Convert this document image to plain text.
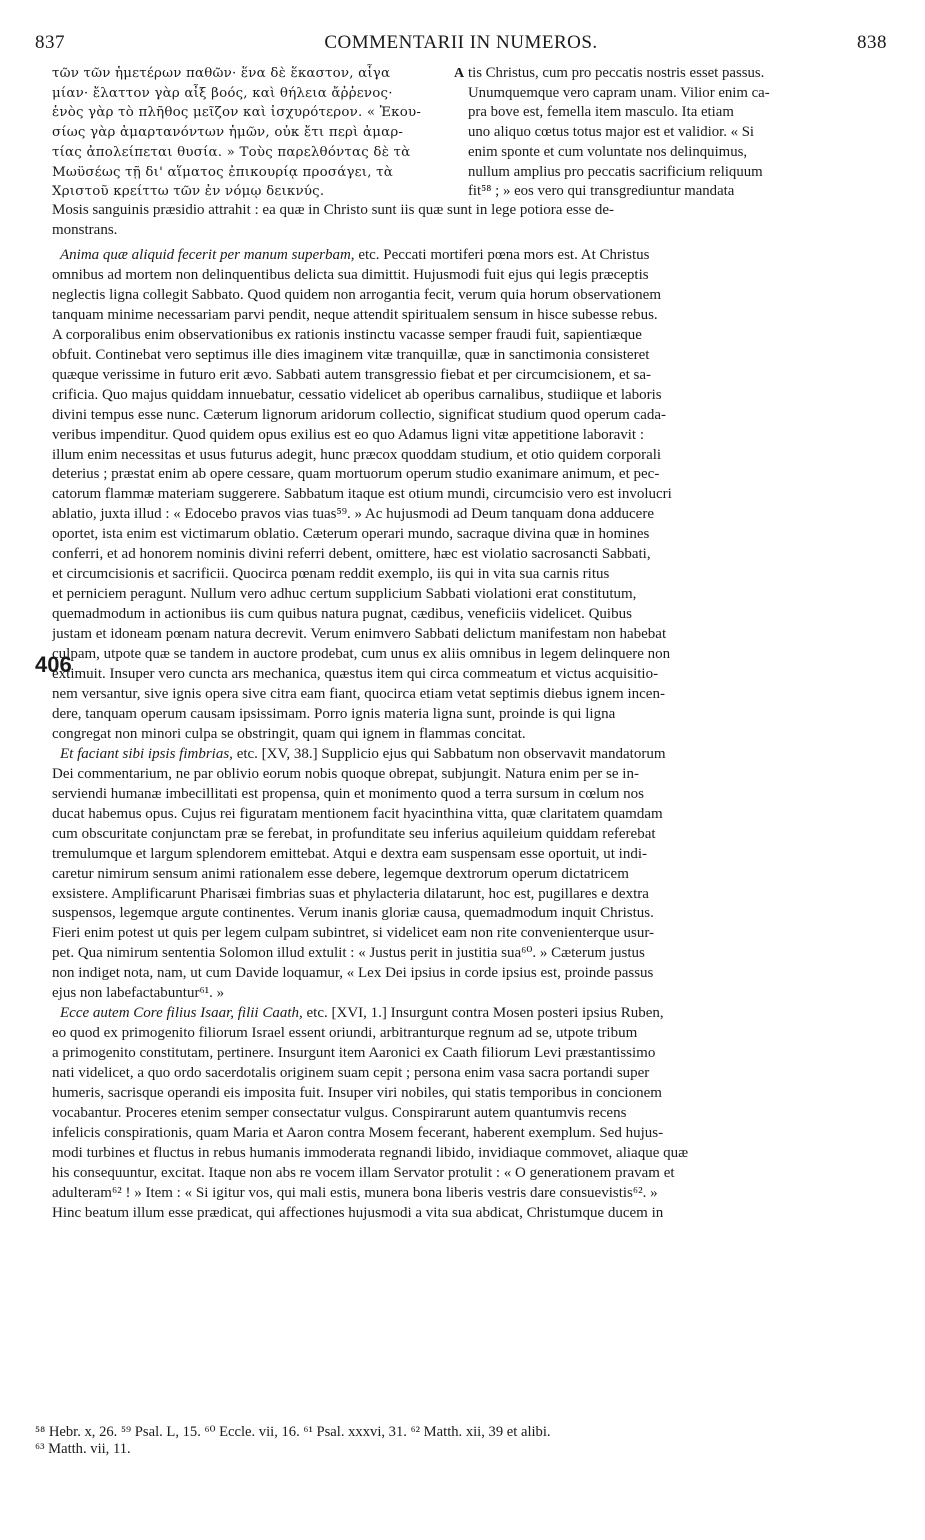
837	COMMENTARII IN NUMEROS.	838

τῶν τῶν ἡμετέρων παθῶν· ἕνα δὲ ἕκαστον, αἶγα

μίαν· ἔλαττον γὰρ αἶξ βοός, καὶ θήλεια ἄῤῥενος·

ἑνὸς γὰρ τὸ πλῆθος μεῖζον καὶ ἰσχυρότερον. « Ἑκου-

σίως γὰρ ἁμαρτανόντων ἡμῶν, οὐκ ἔτι περὶ ἁμαρ-

τίας ἀπολείπεται θυσία. » Τοὺς παρελθόντας δὲ τὰ

Μωϋσέως τῇ δι' αἵματος ἐπικουρίᾳ προσάγει, τὰ

Χριστοῦ κρείττω τῶν ἐν νόμῳ δεικνύς.

A tis Christus, cum pro peccatis nostris esset passus.

Unumquemque vero capram unam. Vilior enim ca-

pra bove est, femella item masculo. Ita etiam

uno aliquo cœtus totus major est et validior. « Si

enim sponte et cum voluntate nos delinquimus,

nullum amplius pro peccatis sacrificium reliquum

fit⁵⁸ ; » eos vero qui transgrediuntur mandata

Mosis sanguinis præsidio attrahit : ea quæ in Christo sunt iis quæ sunt in lege potiora esse de-

monstrans.

406

Anima quæ aliquid fecerit per manum superbam, etc. Peccati mortiferi pœna mors est. At Christus

omnibus ad mortem non delinquentibus delicta sua dimittit. Hujusmodi fuit ejus qui legis præceptis

neglectis ligna collegit Sabbato. Quod quidem non arrogantia fecit, verum quia horum observationem

tanquam minime necessariam parvi pendit, neque attendit spiritualem sensum in hisce subesse rebus.

A corporalibus enim observationibus ex rationis instinctu vacasse semper fraudi fuit, sapientiæque

obfuit. Continebat vero septimus ille dies imaginem vitæ tranquillæ, quæ in sanctimonia consisteret

quæque verissime in futuro erit ævo. Sabbati autem transgressio fiebat et per circumcisionem, et sa-

crificia. Quo majus quiddam innuebatur, cessatio videlicet ab operibus carnalibus, studiique et laboris

divini tempus esse nunc. Cæterum lignorum aridorum collectio, significat studium quod operum cada-

veribus impenditur. Quod quidem opus exilius est eo quo Adamus ligni vitæ appetitione laboravit :

illum enim necessitas et usus futurus adegit, hunc præcox quoddam studium, et otio quidem corporali

deterius ; præstat enim ab opere cessare, quam mortuorum operum studio exanimare animum, et pec-

catorum flammæ materiam suggerere. Sabbatum itaque est otium mundi, circumcisio vero est involucri

ablatio, juxta illud : « Edocebo pravos vias tuas⁵⁹. » Ac hujusmodi ad Deum tanquam dona adducere

oportet, ista enim est victimarum oblatio. Cæterum operari mundo, sacraque divina quæ in homines

conferri, et ad honorem nominis divini referri debent, omittere, hæc est violatio sacrosancti Sabbati,

et circumcisionis et sacrificii. Quocirca pœnam reddit exemplo, iis qui in vita sua carnis ritus

et perniciem peragunt. Nullum vero adhuc certum supplicium Sabbati violationi erat constitutum,

quemadmodum in actionibus iis cum quibus natura pugnat, cædibus, veneficiis videlicet. Quibus

justam et idoneam pœnam natura decrevit. Verum enimvero Sabbati delictum manifestam non habebat

culpam, utpote quæ se tandem in auctore prodebat, cum unus ex aliis omnibus in legem delinquere non

extimuit. Insuper vero cuncta ars mechanica, quæstus item qui circa commeatum et victus acquisitio-

nem versantur, sive ignis opera sive citra eam fiant, quocirca etiam vetat septimis diebus ignem incen-

dere, tanquam operum causam ipsissimam. Porro ignis materia ligna sunt, proinde is qui ligna

congregat non minori culpa se obstringit, quam qui ignem in flammas concitat.

Et faciant sibi ipsis fimbrias, etc. [XV, 38.] Supplicio ejus qui Sabbatum non observavit mandatorum

Dei commentarium, ne par oblivio eorum nobis quoque obrepat, subjungit. Natura enim per se in-

serviendi humanæ imbecillitati est propensa, quin et monimento quod a terra sursum in cœlum nos

ducat habemus opus. Cujus rei figuratam mentionem facit hyacinthina vitta, quæ claritatem quamdam

cum obscuritate conjunctam præ se ferebat, in profunditate seu inferius aquileium quiddam referebat

tremulumque et largum splendorem emittebat. Atqui e dextra eam suspensam esse oportuit, ut indi-

caretur nimirum sensum animi rationalem esse debere, legemque dextrorum operum dictatricem

exsistere. Amplificarunt Pharisæi fimbrias suas et phylacteria dilatarunt, hoc est, pugillares e dextra

suspensos, legemque argute continentes. Verum inanis gloriæ causa, quemadmodum inquit Christus.

Fieri enim potest ut quis per legem culpam subintret, si videlicet eam non rite convenienterque usur-

pet. Qua nimirum sententia Solomon illud extulit : « Justus perit in justitia sua⁶⁰. » Cæterum justus

non indiget nota, nam, ut cum Davide loquamur, « Lex Dei ipsius in corde ipsius est, proinde passus

ejus non labefactabuntur⁶¹. »

Ecce autem Core filius Isaar, filii Caath, etc. [XVI, 1.] Insurgunt contra Mosen posteri ipsius Ruben,

eo quod ex primogenito filiorum Israel essent oriundi, arbitranturque regnum ad se, utpote tribum

a primogenito constitutam, pertinere. Insurgunt item Aaronici ex Caath filiorum Levi præstantissimo

nati videlicet, a quo ordo sacerdotalis originem suam cepit ; persona enim vasa sacra portandi super

humeris, sacrisque operandi eis imposita fuit. Insuper viri nobiles, qui statis temporibus in concionem

vocabantur. Proceres etenim semper consectatur vulgus. Conspirarunt autem quantumvis recens

infelicis conspirationis, quam Maria et Aaron contra Mosem fecerant, haberent exemplum. Sed hujus-

modi turbines et fluctus in rebus humanis immoderata regnandi libido, invidiaque commovet, aliaque quæ

his consequuntur, excitat. Itaque non abs re vocem illam Servator protulit : « O generationem pravam et

adulteram⁶² ! » Item : « Si igitur vos, qui mali estis, munera bona liberis vestris dare consuevistis⁶². »

Hinc beatum illum esse prædicat, qui affectiones hujusmodi a vita sua abdicat, Christumque ducem in

⁵⁸ Hebr. x, 26. ⁵⁹ Psal. L, 15. ⁶⁰ Eccle. vii, 16. ⁶¹ Psal. xxxvi, 31. ⁶² Matth. xii, 39 et alibi.

⁶³ Matth. vii, 11.
